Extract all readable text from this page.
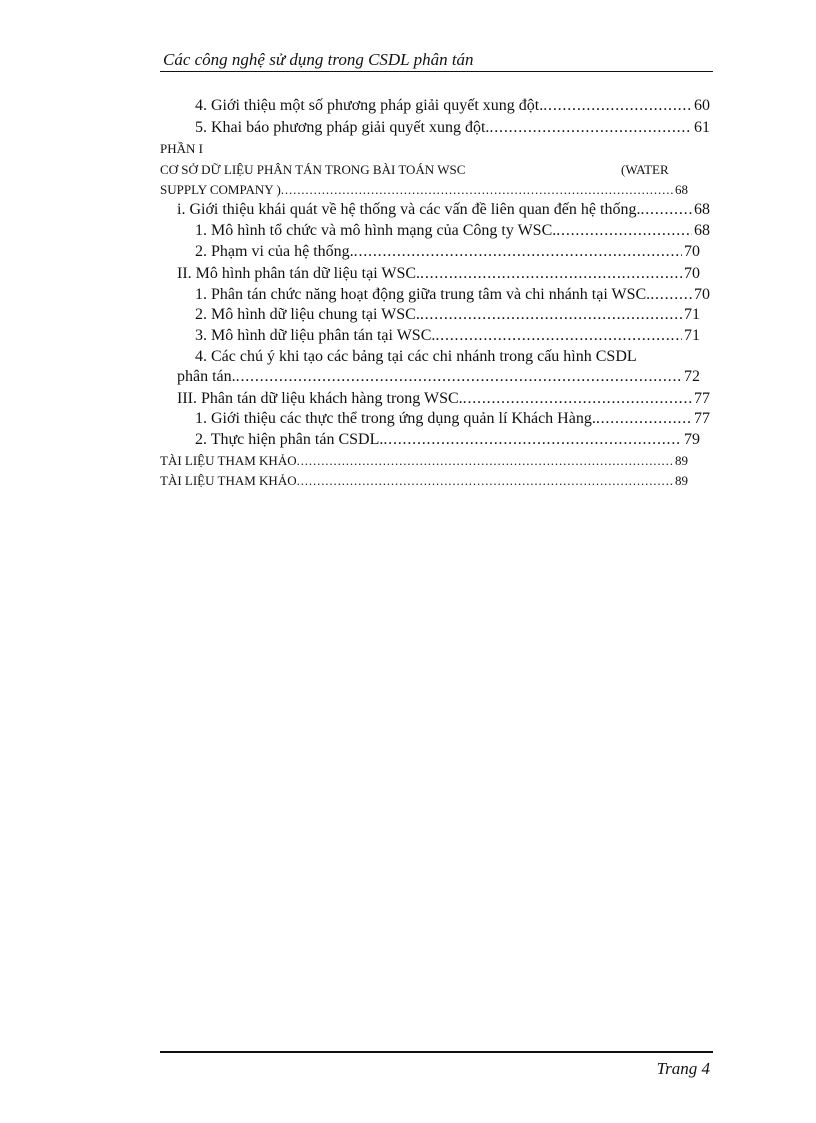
Các công nghệ sử dụng trong CSDL phân tán
4. Giới thiệu một số phương pháp giải quyết xung đột. . . .	60
5. Khai báo phương pháp giải quyết xung đột. . . .	61
PHẦN I
CƠ SỞ DỮ LIỆU PHÂN TÁN TRONG BÀI TOÁN WSC	(WATER
SUPPLY COMPANY ) . . .	68
i. Giới thiệu khái quát về hệ thống và các vấn đề liên quan đến hệ thống. . . .	68
1. Mô hình tổ chức và mô hình mạng của Công ty WSC. . . .	68
2. Phạm vi của hệ thống. . . .	70
II. Mô hình phân tán dữ liệu tại WSC. . . .	70
1. Phân tán chức năng hoạt động giữa trung tâm và chi nhánh tại WSC. . . .	70
2. Mô hình dữ liệu chung tại WSC. . . .	71
3. Mô hình dữ liệu phân tán tại WSC. . . .	71
4. Các chú ý khi tạo các bảng tại các chi nhánh trong cấu hình CSDL
phân tán. . . .	72
III. Phân tán dữ liệu khách hàng trong WSC. . . .	77
1. Giới thiệu các thực thể trong ứng dụng quản lí Khách Hàng. . . .	77
2. Thực hiện phân tán CSDL. . . .	79
TÀI LIỆU THAM KHẢO . . .	89
TÀI LIỆU THAM KHẢO . . .	89
Trang 4
